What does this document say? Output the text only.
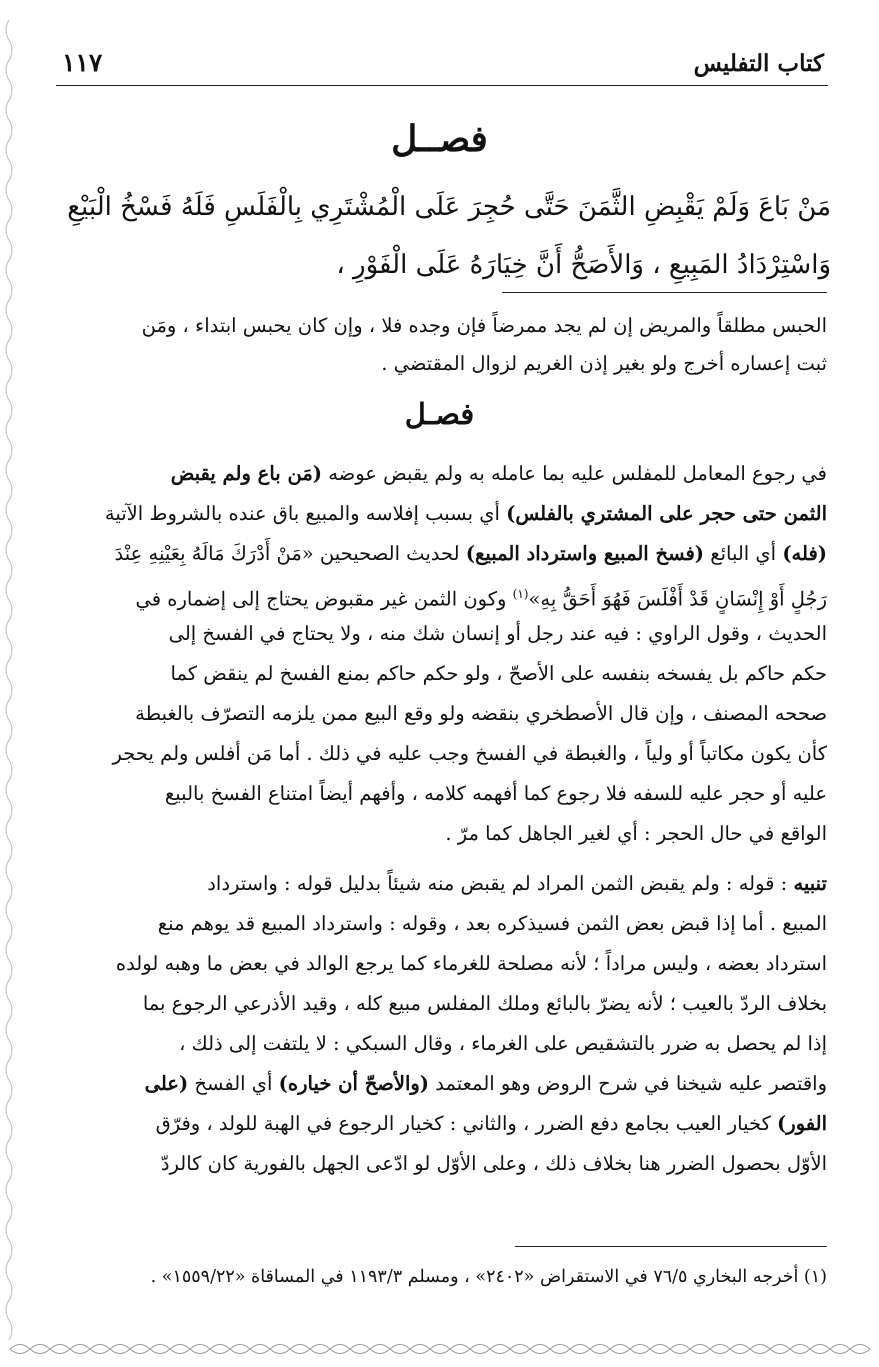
كتاب التفليس
١١٧
فصــل
مَنْ بَاعَ وَلَمْ يَقْبِضِ الثَّمَنَ حَتَّى حُجِرَ عَلَى الْمُشْتَرِي بِالْفَلَسِ فَلَهُ فَسْخُ الْبَيْعِ
وَاسْتِرْدَادُ المَبِيعِ ، وَالأَصَحُّ أَنَّ خِيَارَهُ عَلَى الْفَوْرِ ،
الحبس مطلقاً والمريض إن لم يجد ممرضاً فإن وجده فلا ، وإن كان يحبس ابتداء ، ومَن
ثبت إعساره أخرج ولو بغير إذن الغريم لزوال المقتضي .
فصـل
في رجوع المعامل للمفلس عليه بما عامله به ولم يقبض عوضه (مَن باع ولم يقبض
الثمن حتى حجر على المشتري بالفلس) أي بسبب إفلاسه والمبيع باق عنده بالشروط الآتية
(فله) أي البائع (فسخ المبيع واسترداد المبيع) لحديث الصحيحين «مَنْ أَدْرَكَ مَالَهُ بِعَيْنِهِ عِنْدَ
رَجُلٍ أَوْ إِنْسَانٍ قَدْ أَفْلَسَ فَهُوَ أَحَقُّ بِهِ»$^{(١)}$ وكون الثمن غير مقبوض يحتاج إلى إضماره في
الحديث ، وقول الراوي : فيه عند رجل أو إنسان شك منه ، ولا يحتاج في الفسخ إلى
حكم حاكم بل يفسخه بنفسه على الأصحّ ، ولو حكم حاكم بمنع الفسخ لم ينقض كما
صححه المصنف ، وإن قال الأصطخري بنقضه ولو وقع البيع ممن يلزمه التصرّف بالغبطة
كأن يكون مكاتباً أو ولياً ، والغبطة في الفسخ وجب عليه في ذلك . أما مَن أفلس ولم يحجر
عليه أو حجر عليه للسفه فلا رجوع كما أفهمه كلامه ، وأفهم أيضاً امتناع الفسخ بالبيع
الواقع في حال الحجر : أي لغير الجاهل كما مرّ .
تنبيه : قوله : ولم يقبض الثمن المراد لم يقبض منه شيئاً بدليل قوله : واسترداد
المبيع . أما إذا قبض بعض الثمن فسيذكره بعد ، وقوله : واسترداد المبيع قد يوهم منع
استرداد بعضه ، وليس مراداً ؛ لأنه مصلحة للغرماء كما يرجع الوالد في بعض ما وهبه لولده
بخلاف الردّ بالعيب ؛ لأنه يضرّ بالبائع وملك المفلس مبيع كله ، وقيد الأذرعي الرجوع بما
إذا لم يحصل به ضرر بالتشقيص على الغرماء ، وقال السبكي : لا يلتفت إلى ذلك ،
واقتصر عليه شيخنا في شرح الروض وهو المعتمد (والأصحّ أن خياره) أي الفسخ (على
الفور) كخيار العيب بجامع دفع الضرر ، والثاني : كخيار الرجوع في الهبة للولد ، وفرّق
الأوّل بحصول الضرر هنا بخلاف ذلك ، وعلى الأوّل لو ادّعى الجهل بالفورية كان كالردّ
(١) أخرجه البخاري ٧٦/٥ في الاستقراض «٢٤٠٢» ، ومسلم ١١٩٣/٣ في المساقاة «١٥٥٩/٢٢» .
